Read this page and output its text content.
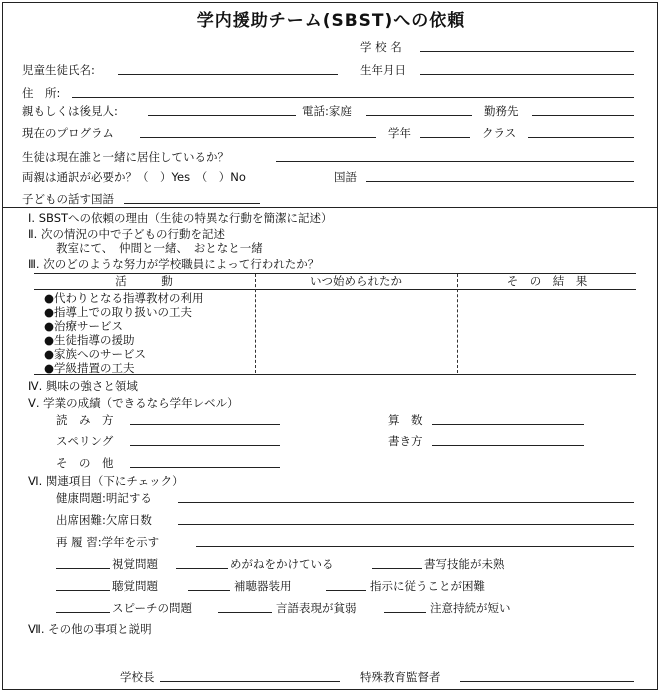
学内援助チーム(SBST)への依頼
学 校 名
児童生徒氏名:	生年月日
住　所:
親もしくは後見人:	電話:家庭	勤務先
現在のプログラム	学年	クラス
生徒は現在誰と一緒に居住しているか？
両親は通訳が必要か？（　）Yes　（　）No	国語
子どもの話す国語
Ⅰ. SBSTへの依頼の理由（生徒の特異な行動を簡潔に記述）
Ⅱ. 次の情況の中で子どもの行動を記述
教室にて、　仲間と一緒、　おとなと一緒
Ⅲ. 次のどのような努力が学校職員によって行われたか？
活　　　動	いつ始められたか	そ　の　結　果
●代わりとなる指導教材の利用
●指導上での取り扱いの工夫
●治療サービス
●生徒指導の援助
●家族へのサービス
●学級措置の工夫
Ⅳ. 興味の強さと領域
Ⅴ. 学業の成績（できるなら学年レベル）
読　み　方	算　数
スペリング	書き方
そ　の　他
Ⅵ. 関連項目（下にチェック）
健康問題:明記する
出席困難:欠席日数
再 履 習:学年を示す
視覚問題	めがねをかけている	書写技能が未熟
聴覚問題	補聴器装用	指示に従うことが困難
スピーチの問題	言語表現が貧弱	注意持続が短い
Ⅶ. その他の事項と説明
学校長	特殊教育監督者
